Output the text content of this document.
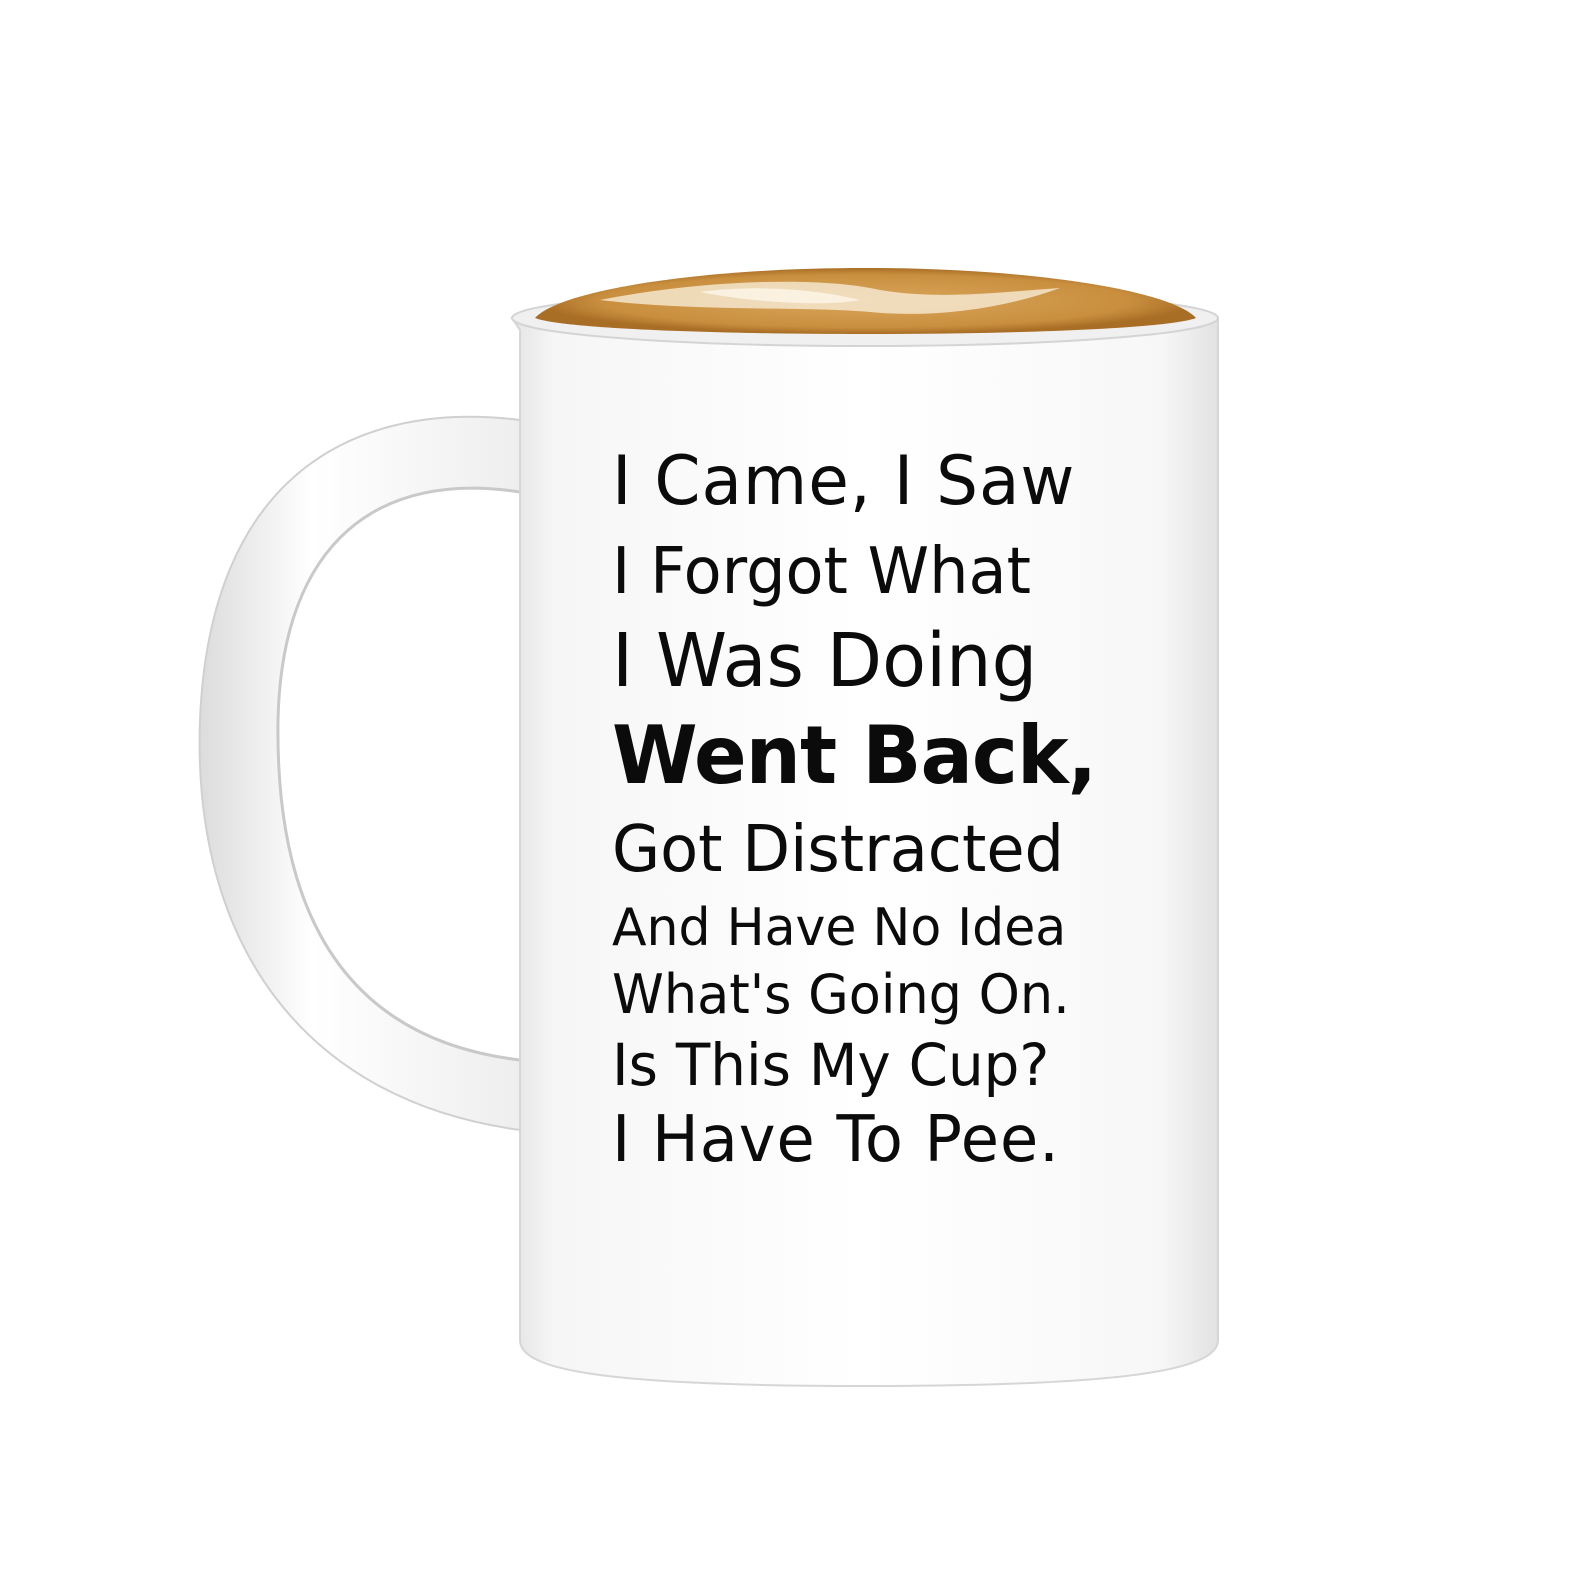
I Came, I Saw
I Forgot What
I Was Doing
Went Back,
Got Distracted
And Have No Idea
What's Going On.
Is This My Cup?
I Have To Pee.
